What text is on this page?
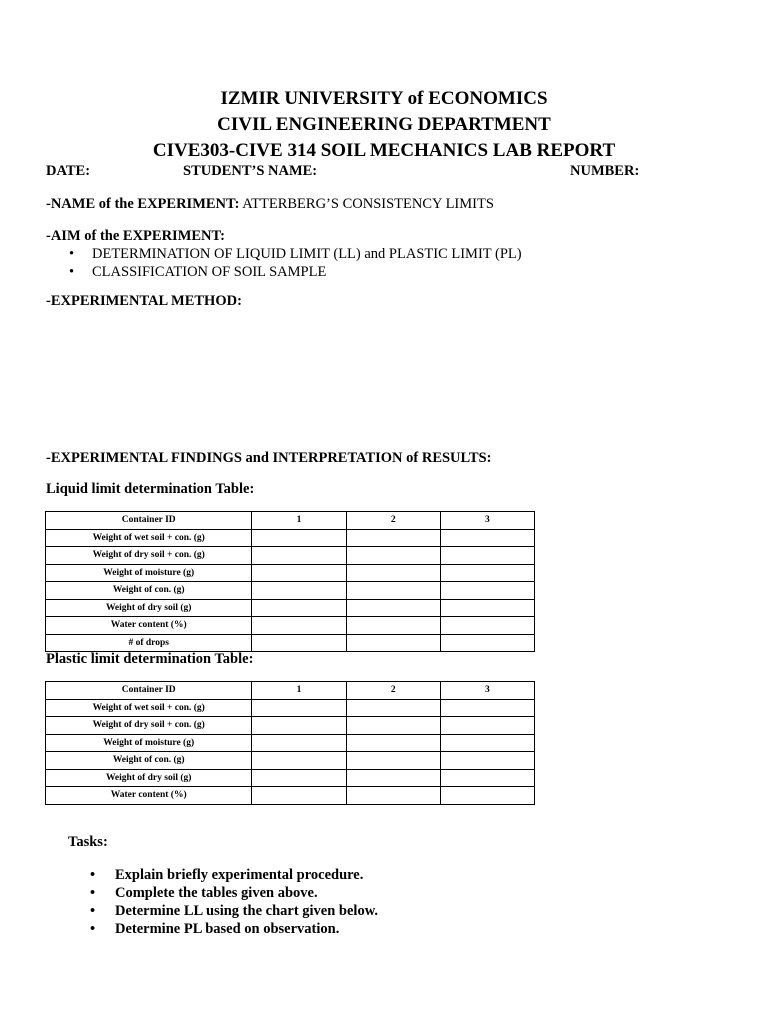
IZMIR UNIVERSITY of ECONOMICS
CIVIL ENGINEERING DEPARTMENT
CIVE303-CIVE 314 SOIL MECHANICS LAB REPORT
DATE:	STUDENT’S NAME:	NUMBER:
-NAME of the EXPERIMENT: ATTERBERG’S CONSISTENCY LIMITS
-AIM of the EXPERIMENT:
• DETERMINATION OF LIQUID LIMIT (LL) and PLASTIC LIMIT (PL)
• CLASSIFICATION OF SOIL SAMPLE
-EXPERIMENTAL METHOD:
-EXPERIMENTAL FINDINGS and INTERPRETATION of RESULTS:
Liquid limit determination Table:
Container ID	1	2	3
Weight of wet soil + con. (g)			
Weight of dry soil + con. (g)			
Weight of moisture (g)			
Weight of con. (g)			
Weight of dry soil (g)			
Water content (%)			
# of drops			
Plastic limit determination Table:
Container ID	1	2	3
Weight of wet soil + con. (g)			
Weight of dry soil + con. (g)			
Weight of moisture (g)			
Weight of con. (g)			
Weight of dry soil (g)			
Water content (%)			
Tasks:
• Explain briefly experimental procedure.
• Complete the tables given above.
• Determine LL using the chart given below.
• Determine PL based on observation.
